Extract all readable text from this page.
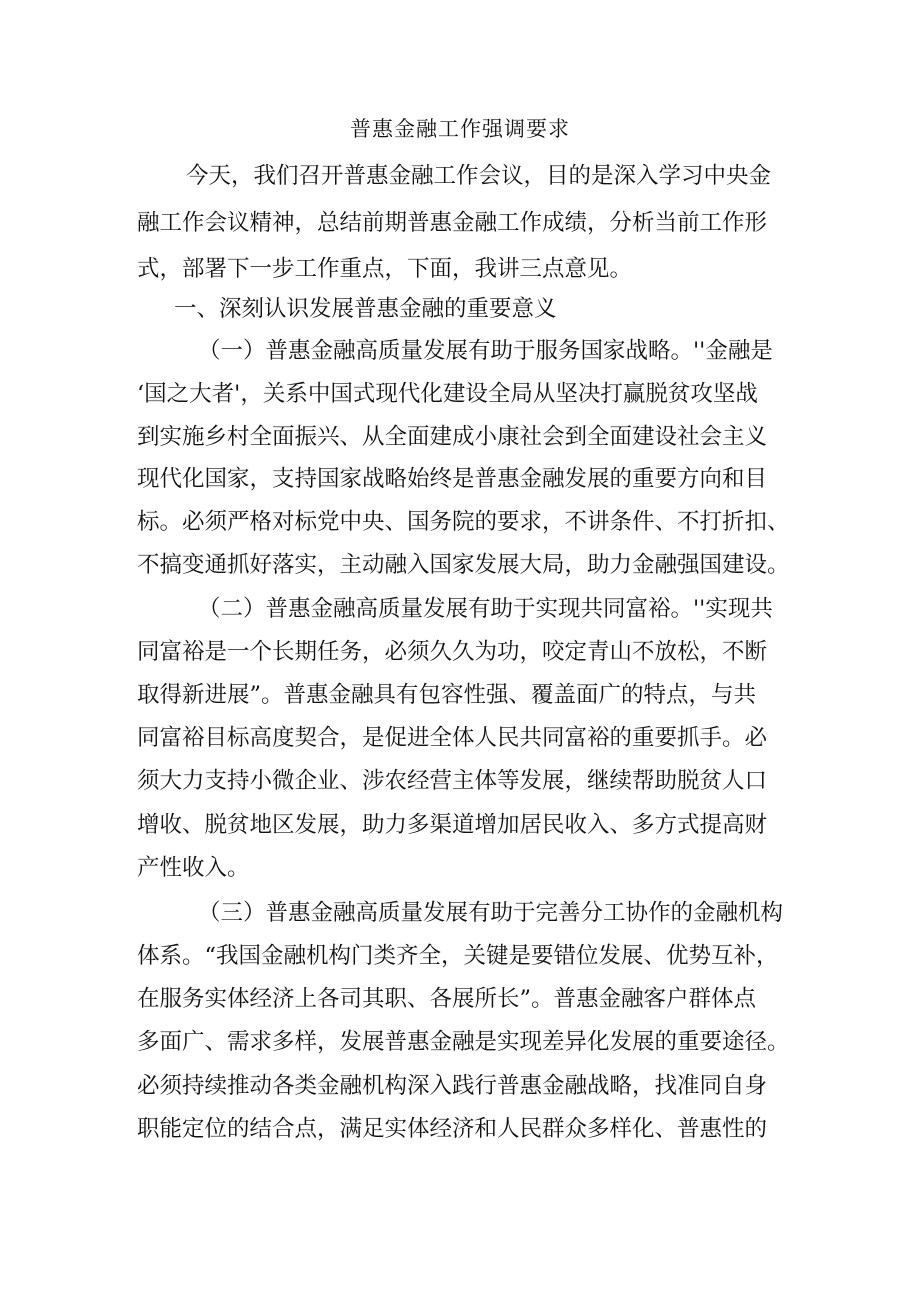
普惠金融工作强调要求

今天，我们召开普惠金融工作会议，目的是深入学习中央金

融工作会议精神，总结前期普惠金融工作成绩，分析当前工作形

式，部署下一步工作重点，下面，我讲三点意见。

一、深刻认识发展普惠金融的重要意义

（一）普惠金融高质量发展有助于服务国家战略。''金融是

‘国之大者'，关系中国式现代化建设全局从坚决打赢脱贫攻坚战

到实施乡村全面振兴、从全面建成小康社会到全面建设社会主义

现代化国家，支持国家战略始终是普惠金融发展的重要方向和目

标。必须严格对标党中央、国务院的要求，不讲条件、不打折扣、

不搞变通抓好落实，主动融入国家发展大局，助力金融强国建设。

（二）普惠金融高质量发展有助于实现共同富裕。''实现共

同富裕是一个长期任务，必须久久为功，咬定青山不放松，不断

取得新进展”。普惠金融具有包容性强、覆盖面广的特点，与共

同富裕目标高度契合，是促进全体人民共同富裕的重要抓手。必

须大力支持小微企业、涉农经营主体等发展，继续帮助脱贫人口

增收、脱贫地区发展，助力多渠道增加居民收入、多方式提高财

产性收入。

（三）普惠金融高质量发展有助于完善分工协作的金融机构

体系。“我国金融机构门类齐全，关键是要错位发展、优势互补，

在服务实体经济上各司其职、各展所长”。普惠金融客户群体点

多面广、需求多样，发展普惠金融是实现差异化发展的重要途径。

必须持续推动各类金融机构深入践行普惠金融战略，找准同自身

职能定位的结合点，满足实体经济和人民群众多样化、普惠性的
